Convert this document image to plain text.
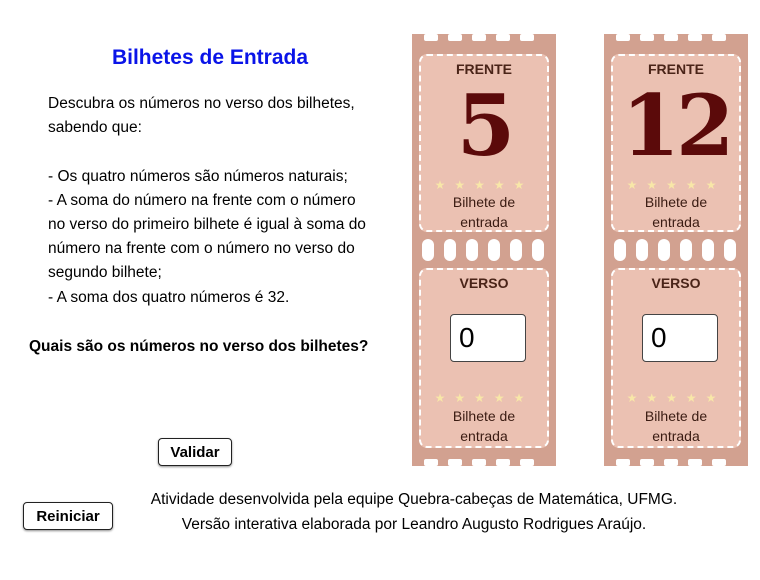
Bilhetes de Entrada

Descubra os números no verso dos bilhetes,

sabendo que:

- Os quatro números são números naturais;

- A soma do número na frente com o número

no verso do primeiro bilhete é igual à soma do

número na frente com o número no verso do

segundo bilhete;

- A soma dos quatro números é 32.

Quais são os números no verso dos bilhetes?
Validar
Reiniciar

Atividade desenvolvida pela equipe Quebra-cabeças de Matemática, UFMG.

Versão interativa elaborada por Leandro Augusto Rodrigues Araújo.

FRENTE
5
★★★★★
Bilhete de
entrada
VERSO
0
★★★★★
Bilhete de
entrada
FRENTE
12
★★★★★
Bilhete de
entrada
VERSO
0
★★★★★
Bilhete de
entrada
